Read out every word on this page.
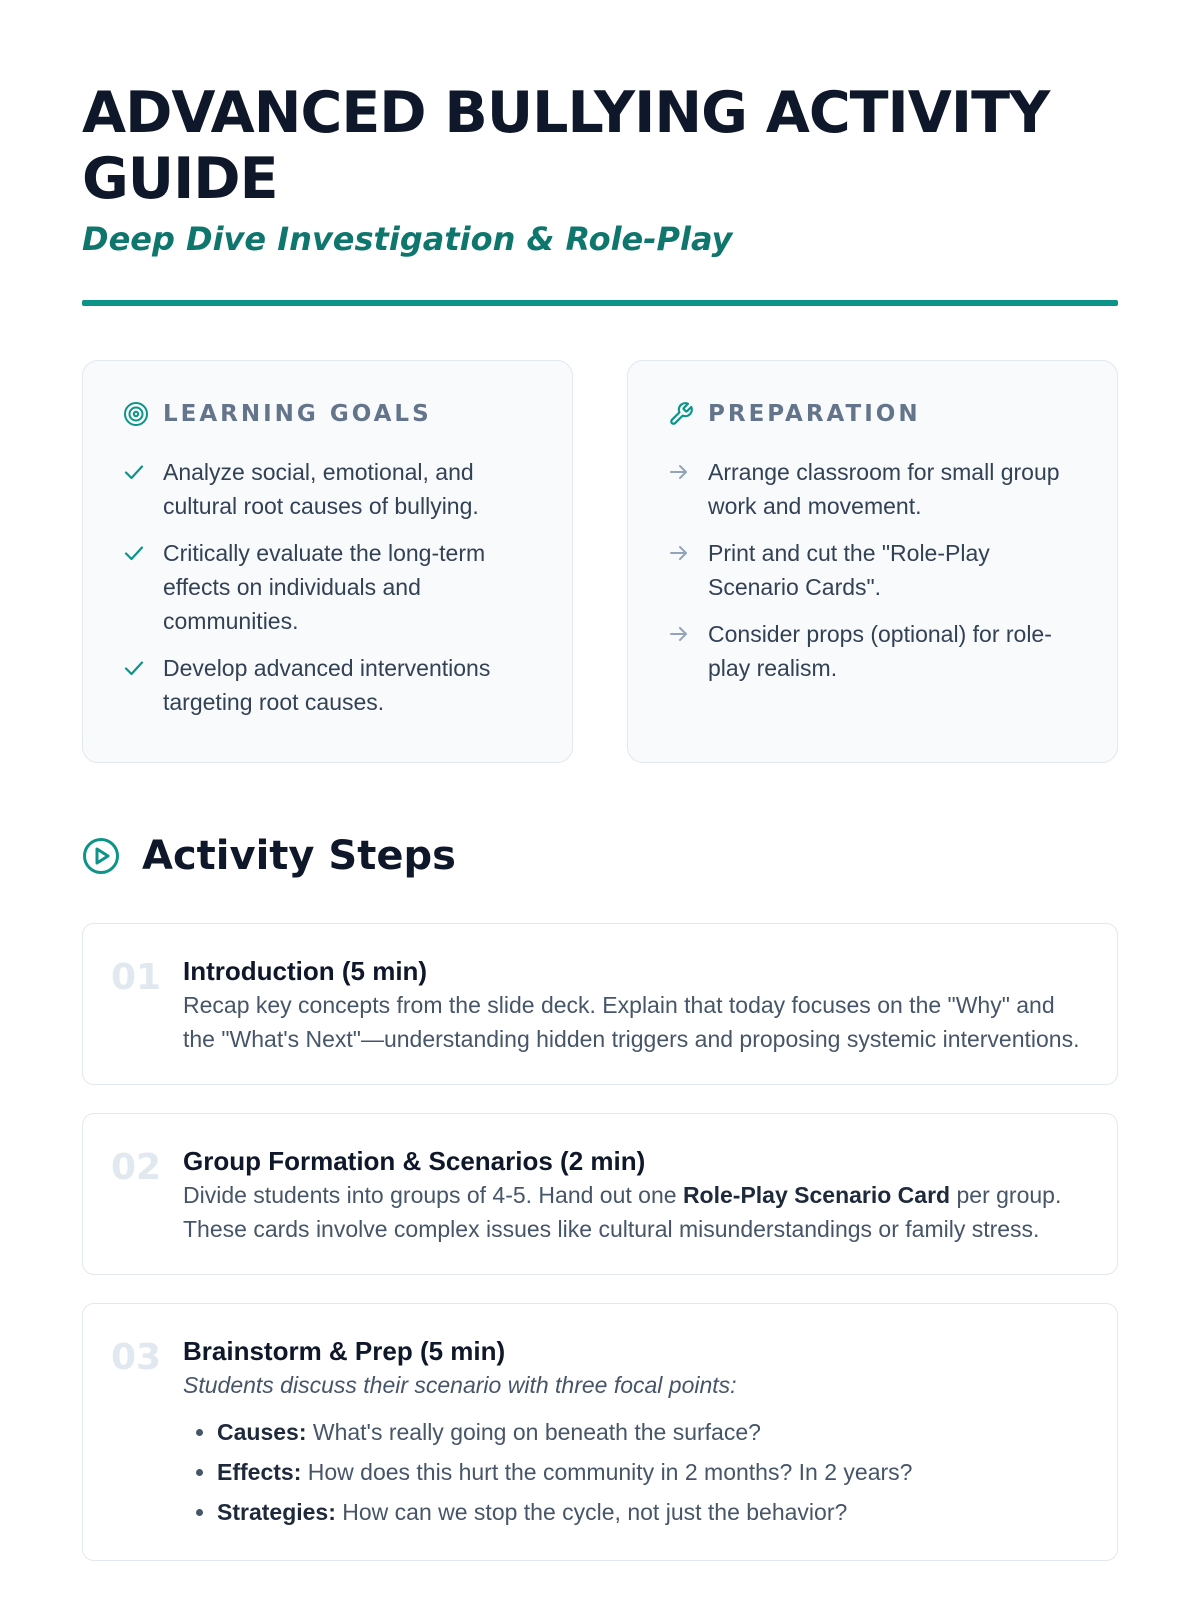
ADVANCED BULLYING ACTIVITY GUIDE
Deep Dive Investigation & Role-Play
LEARNING GOALS
Analyze social, emotional, and cultural root causes of bullying.
Critically evaluate the long-term effects on individuals and communities.
Develop advanced interventions targeting root causes.
PREPARATION
Arrange classroom for small group work and movement.
Print and cut the "Role-Play Scenario Cards".
Consider props (optional) for role-play realism.
Activity Steps
01 Introduction (5 min)
Recap key concepts from the slide deck. Explain that today focuses on the "Why" and the "What's Next"—understanding hidden triggers and proposing systemic interventions.
02 Group Formation & Scenarios (2 min)
Divide students into groups of 4-5. Hand out one Role-Play Scenario Card per group. These cards involve complex issues like cultural misunderstandings or family stress.
03 Brainstorm & Prep (5 min)
Students discuss their scenario with three focal points:
• Causes: What's really going on beneath the surface?
• Effects: How does this hurt the community in 2 months? In 2 years?
• Strategies: How can we stop the cycle, not just the behavior?
